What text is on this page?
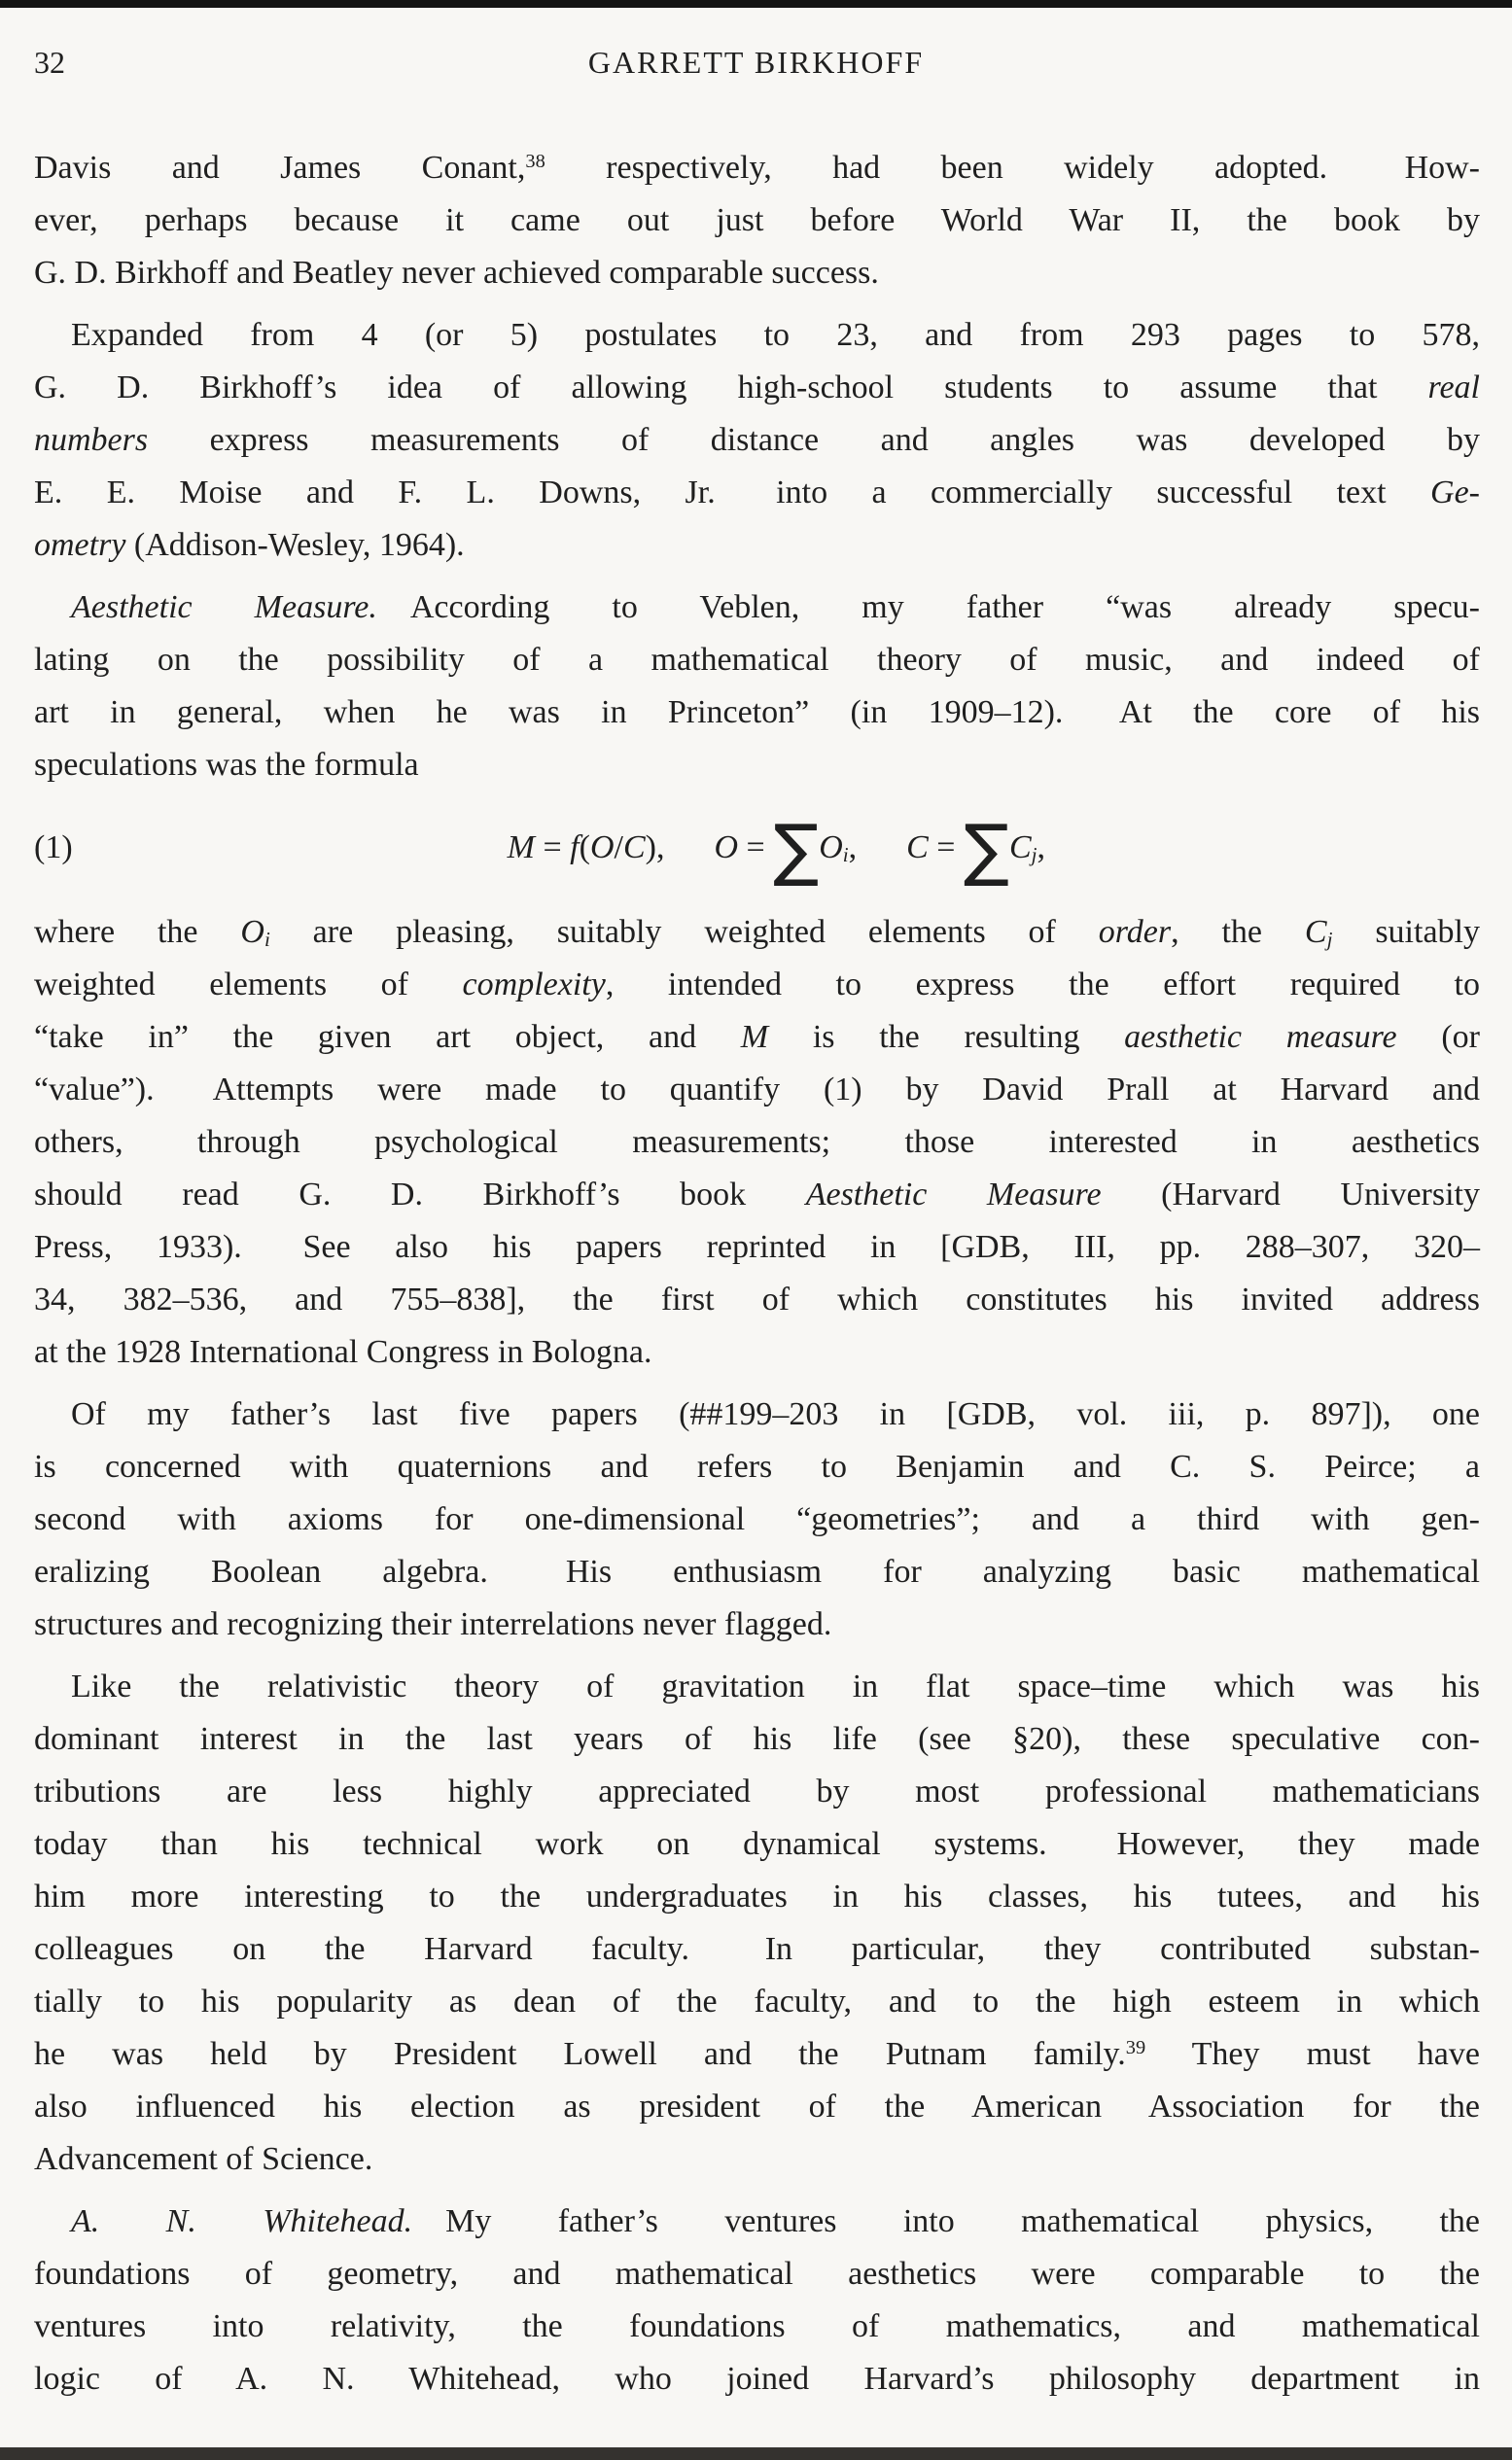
32	GARRETT BIRKHOFF
Davis and James Conant,$^{38}$ respectively, had been widely adopted.  How-
ever, perhaps because it came out just before World War II, the book by
G. D. Birkhoff and Beatley never achieved comparable success.
Expanded from 4 (or 5) postulates to 23, and from 293 pages to 578,
G. D. Birkhoff’s idea of allowing high-school students to assume that real
numbers express measurements of distance and angles was developed by
E. E. Moise and F. L. Downs, Jr.  into a commercially successful text Ge-
ometry (Addison-Wesley, 1964).
Aesthetic Measure. According to Veblen, my father “was already specu-
lating on the possibility of a mathematical theory of music, and indeed of
art in general, when he was in Princeton” (in 1909–12).  At the core of his
speculations was the formula
(1)	M = f(O/C),   O = ∑Oi,   C = ∑Cj,
where the Oi are pleasing, suitably weighted elements of order, the Cj suitably
weighted elements of complexity, intended to express the effort required to
“take in” the given art object, and M is the resulting aesthetic measure (or
“value”).  Attempts were made to quantify (1) by David Prall at Harvard and
others, through psychological measurements; those interested in aesthetics
should read G. D. Birkhoff’s book Aesthetic Measure (Harvard University
Press, 1933).  See also his papers reprinted in [GDB, III, pp. 288–307, 320–
34, 382–536, and 755–838], the first of which constitutes his invited address
at the 1928 International Congress in Bologna.
Of my father’s last five papers (##199–203 in [GDB, vol. iii, p. 897]), one
is concerned with quaternions and refers to Benjamin and C. S. Peirce; a
second with axioms for one-dimensional “geometries”; and a third with gen-
eralizing Boolean algebra.  His enthusiasm for analyzing basic mathematical
structures and recognizing their interrelations never flagged.
Like the relativistic theory of gravitation in flat space–time which was his
dominant interest in the last years of his life (see §20), these speculative con-
tributions are less highly appreciated by most professional mathematicians
today than his technical work on dynamical systems.  However, they made
him more interesting to the undergraduates in his classes, his tutees, and his
colleagues on the Harvard faculty.  In particular, they contributed substan-
tially to his popularity as dean of the faculty, and to the high esteem in which
he was held by President Lowell and the Putnam family.$^{39}$ They must have
also influenced his election as president of the American Association for the
Advancement of Science.
A. N. Whitehead. My father’s ventures into mathematical physics, the
foundations of geometry, and mathematical aesthetics were comparable to the
ventures into relativity, the foundations of mathematics, and mathematical
logic of A. N. Whitehead, who joined Harvard’s philosophy department in
